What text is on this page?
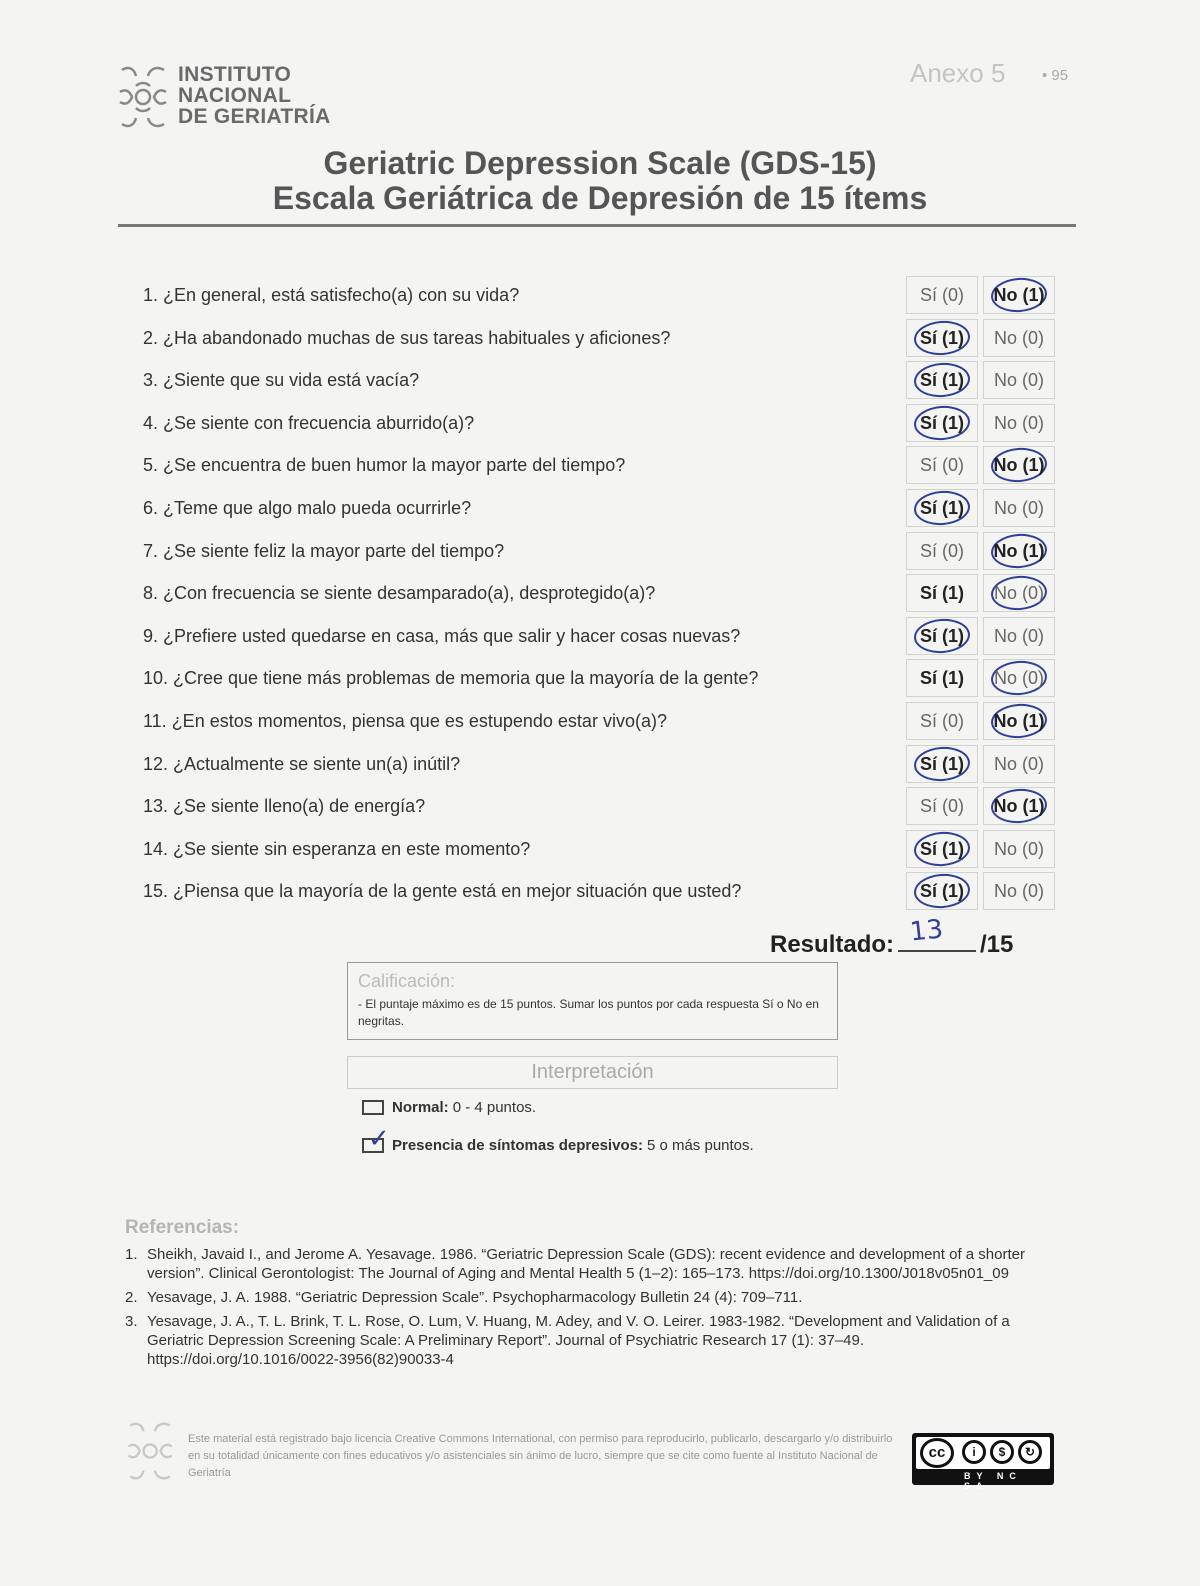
INSTITUTO
NACIONAL
DE GERIATRÍA
Anexo 5 • 95
Geriatric Depression Scale (GDS-15)
Escala Geriátrica de Depresión de 15 ítems
1. ¿En general, está satisfecho(a) con su vida?	Sí (0) No (1)
2. ¿Ha abandonado muchas de sus tareas habituales y aficiones?	Sí (1) No (0)
3. ¿Siente que su vida está vacía?	Sí (1) No (0)
4. ¿Se siente con frecuencia aburrido(a)?	Sí (1) No (0)
5. ¿Se encuentra de buen humor la mayor parte del tiempo?	Sí (0) No (1)
6. ¿Teme que algo malo pueda ocurrirle?	Sí (1) No (0)
7. ¿Se siente feliz la mayor parte del tiempo?	Sí (0) No (1)
8. ¿Con frecuencia se siente desamparado(a), desprotegido(a)?	Sí (1) No (0)
9. ¿Prefiere usted quedarse en casa, más que salir y hacer cosas nuevas?	Sí (1) No (0)
10. ¿Cree que tiene más problemas de memoria que la mayoría de la gente?	Sí (1) No (0)
11. ¿En estos momentos, piensa que es estupendo estar vivo(a)?	Sí (0) No (1)
12. ¿Actualmente se siente un(a) inútil?	Sí (1) No (0)
13. ¿Se siente lleno(a) de energía?	Sí (0) No (1)
14. ¿Se siente sin esperanza en este momento?	Sí (1) No (0)
15. ¿Piensa que la mayoría de la gente está en mejor situación que usted?	Sí (1) No (0)
Resultado: 13 /15
Calificación:
- El puntaje máximo es de 15 puntos. Sumar los puntos por cada respuesta Sí o No en negritas.
Interpretación
Normal: 0 - 4 puntos.
✓ Presencia de síntomas depresivos: 5 o más puntos.
Referencias:
1. Sheikh, Javaid I., and Jerome A. Yesavage. 1986. “Geriatric Depression Scale (GDS): recent evidence and development of a shorter version”. Clinical Gerontologist: The Journal of Aging and Mental Health 5 (1–2): 165–173. https://doi.org/10.1300/J018v05n01_09
2. Yesavage, J. A. 1988. “Geriatric Depression Scale”. Psychopharmacology Bulletin 24 (4): 709–711.
3. Yesavage, J. A., T. L. Brink, T. L. Rose, O. Lum, V. Huang, M. Adey, and V. O. Leirer. 1983-1982. “Development and Validation of a Geriatric Depression Screening Scale: A Preliminary Report”. Journal of Psychiatric Research 17 (1): 37–49. https://doi.org/10.1016/0022-3956(82)90033-4
Este material está registrado bajo licencia Creative Commons International, con permiso para reproducirlo, publicarlo, descargarlo y/o distribuirlo en su totalidad únicamente con fines educativos y/o asistenciales sin ánimo de lucro, siempre que se cite como fuente al Instituto Nacional de Geriatría
cc	i	$	↻
BY NC SA
